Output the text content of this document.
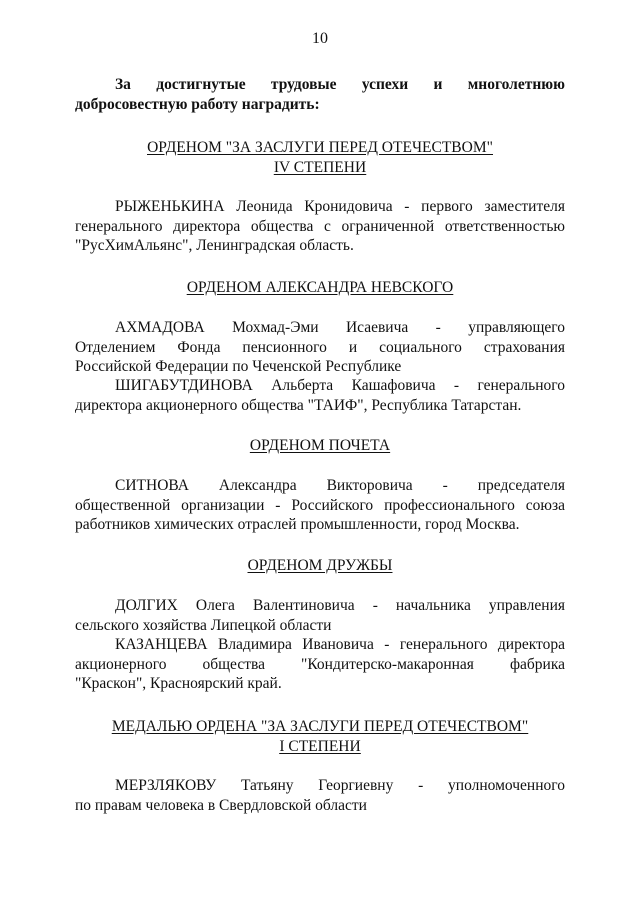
10
За достигнутые трудовые успехи и многолетнюю
добросовестную работу наградить:
ОРДЕНОМ "ЗА ЗАСЛУГИ ПЕРЕД ОТЕЧЕСТВОМ"
IV СТЕПЕНИ
РЫЖЕНЬКИНА Леонида Кронидовича - первого заместителя
генерального директора общества с ограниченной ответственностью
"РусХимАльянс", Ленинградская область.
ОРДЕНОМ АЛЕКСАНДРА НЕВСКОГО
АХМАДОВА Мохмад-Эми Исаевича - управляющего
Отделением Фонда пенсионного и социального страхования
Российской Федерации по Чеченской Республике
ШИГАБУТДИНОВА Альберта Кашафовича - генерального
директора акционерного общества "ТАИФ", Республика Татарстан.
ОРДЕНОМ ПОЧЕТА
СИТНОВА Александра Викторовича - председателя
общественной организации - Российского профессионального союза
работников химических отраслей промышленности, город Москва.
ОРДЕНОМ ДРУЖБЫ
ДОЛГИХ Олега Валентиновича - начальника управления
сельского хозяйства Липецкой области
КАЗАНЦЕВА Владимира Ивановича - генерального директора
акционерного общества "Кондитерско-макаронная фабрика
"Краскон", Красноярский край.
МЕДАЛЬЮ ОРДЕНА "ЗА ЗАСЛУГИ ПЕРЕД ОТЕЧЕСТВОМ"
I СТЕПЕНИ
МЕРЗЛЯКОВУ Татьяну Георгиевну - уполномоченного
по правам человека в Свердловской области
